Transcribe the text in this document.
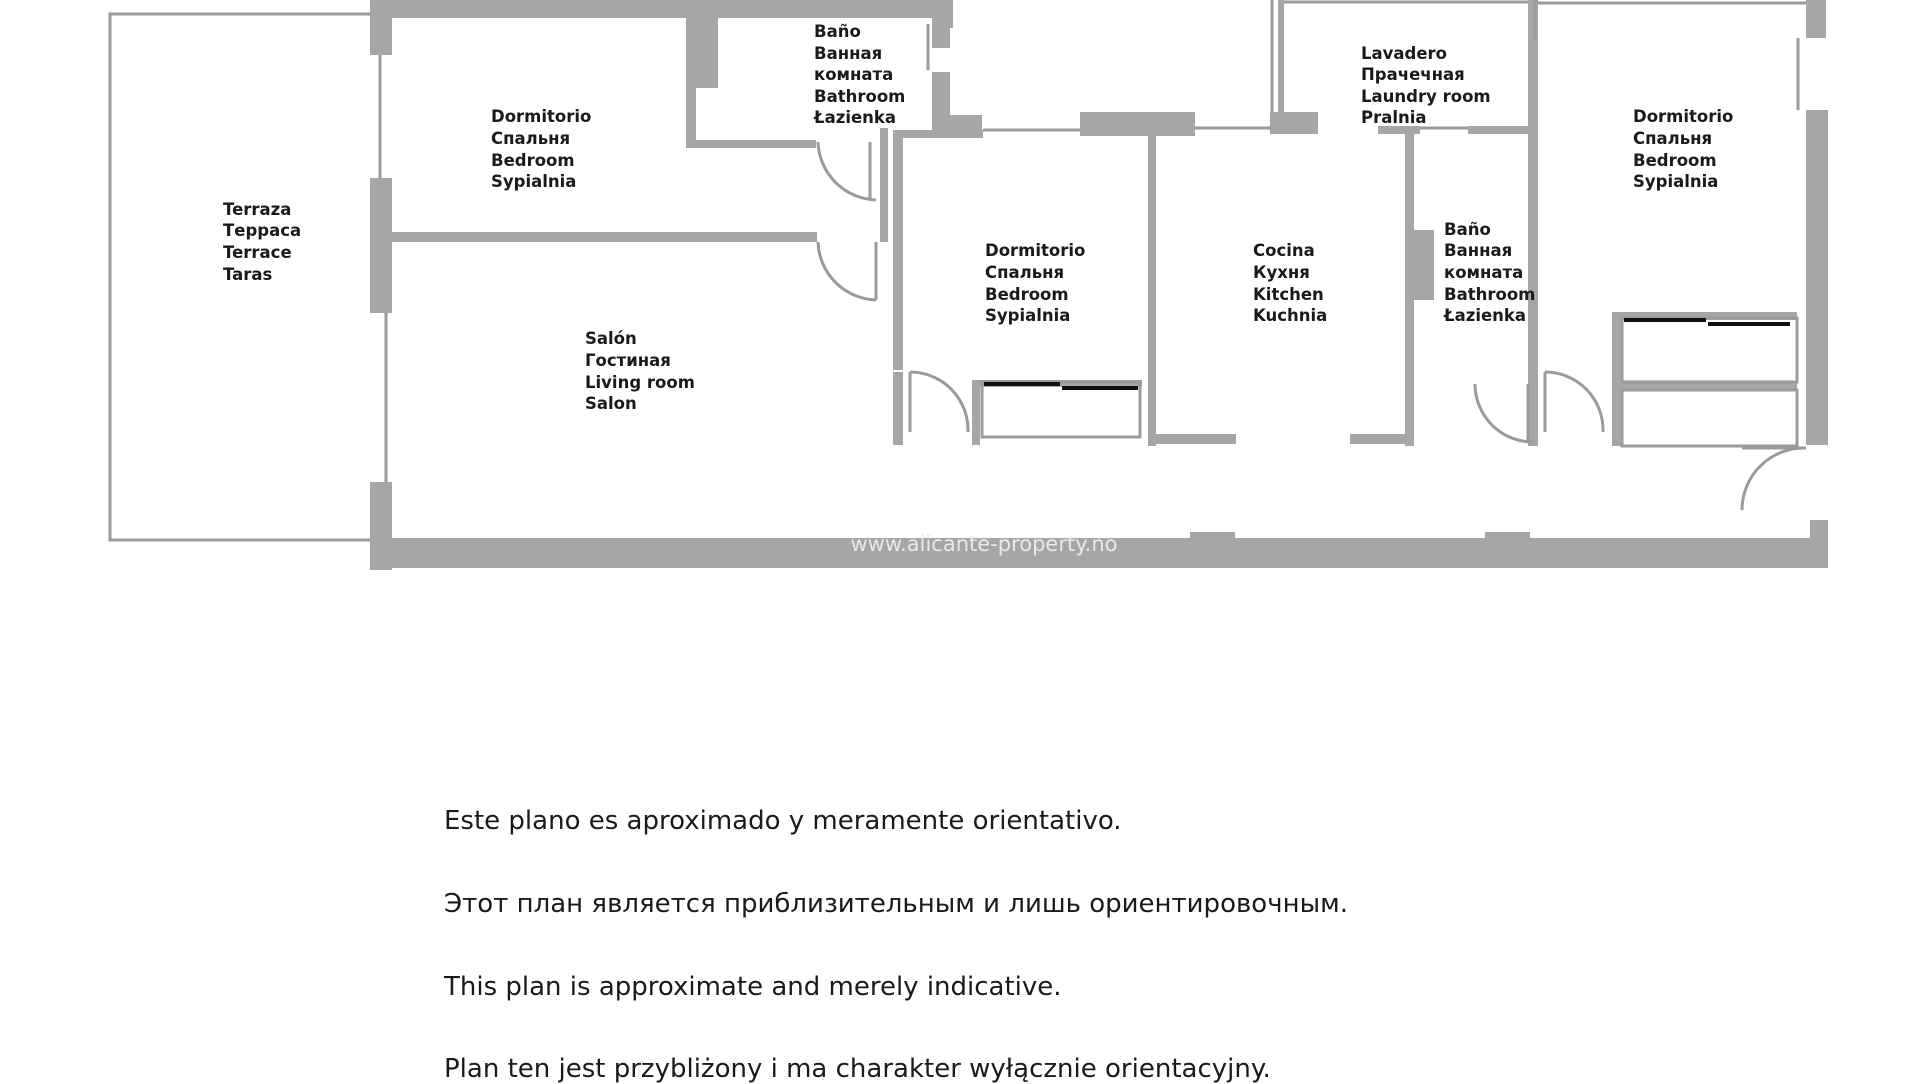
Terraza Терраса Terrace Taras
Dormitorio Спальня Bedroom Sypialnia
Baño Ванная комната Bathroom Łazienka
Salón Гостиная Living room Salon
Dormitorio Спальня Bedroom Sypialnia
Cocina Кухня Kitchen Kuchnia
Lavadero Прачечная Laundry room Pralnia
Baño Ванная комната Bathroom Łazienka
Dormitorio Спальня Bedroom Sypialnia
www.alicante-property.no

Este plano es aproximado y meramente orientativo.

Этот план является приблизительным и лишь ориентировочным.

This plan is approximate and merely indicative.

Plan ten jest przybliżony i ma charakter wyłącznie orientacyjny.
